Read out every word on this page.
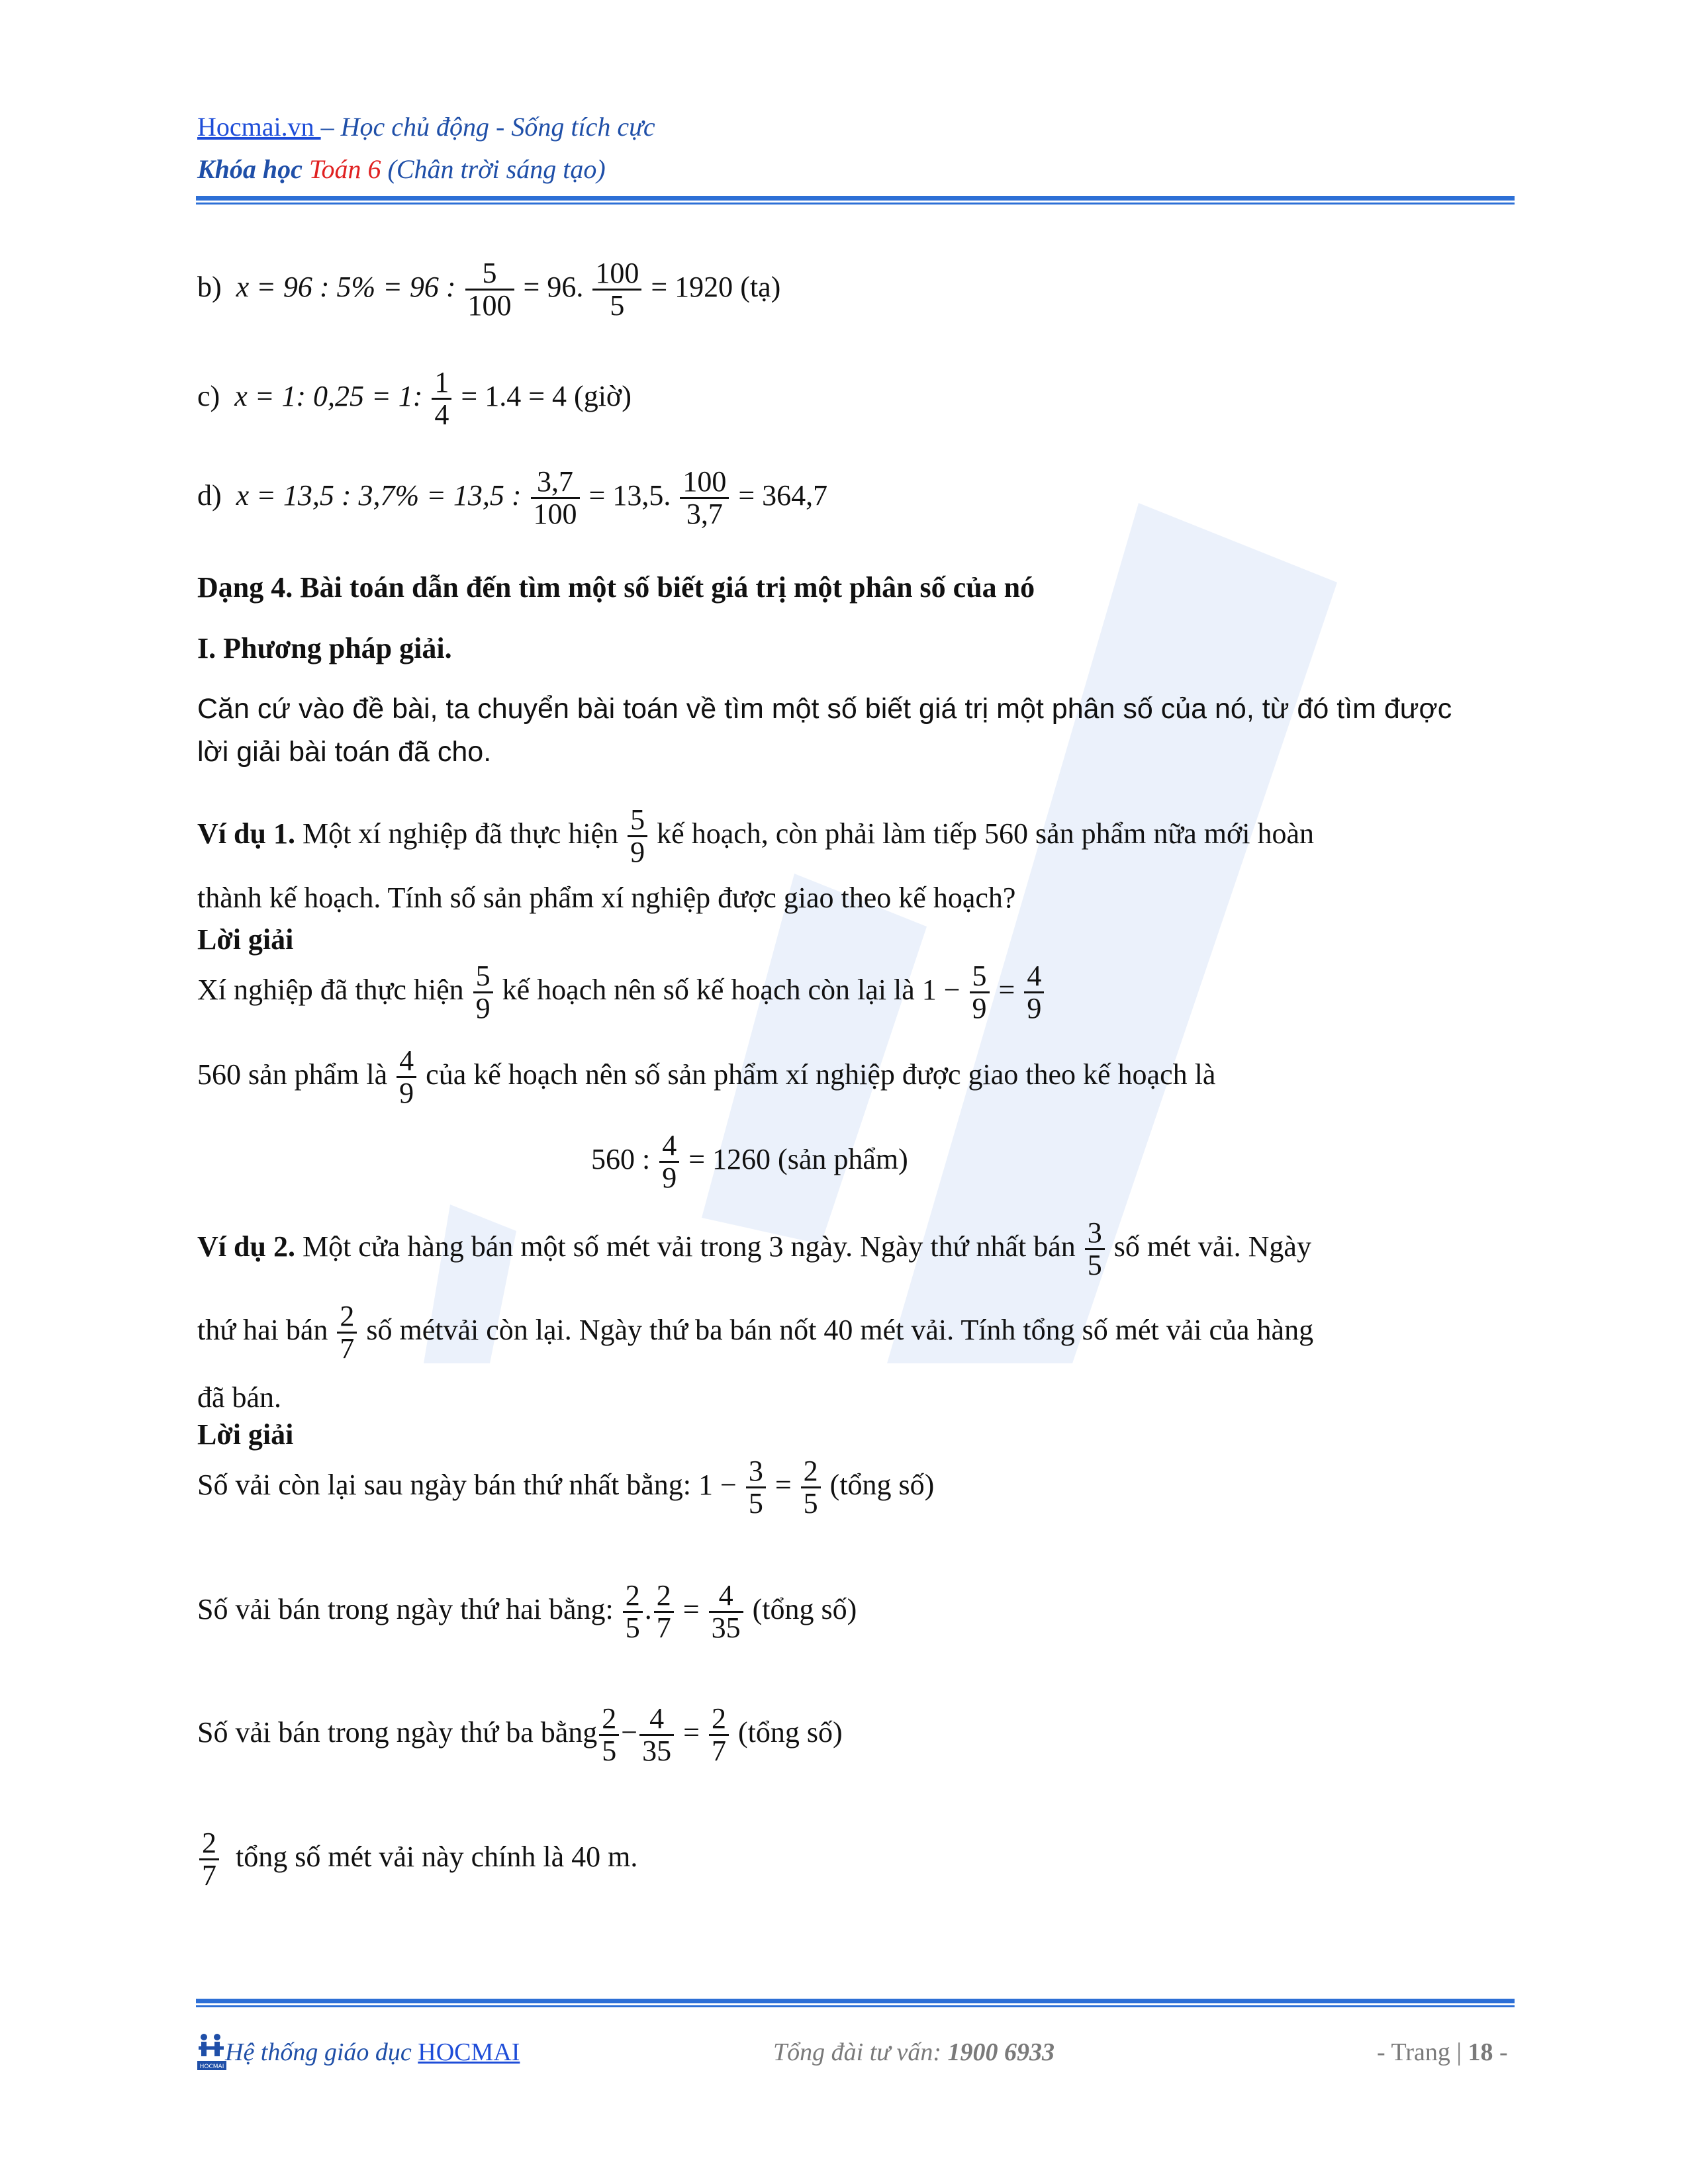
Hocmai.vn – Học chủ động - Sống tích cực
Khóa học Toán 6 (Chân trời sáng tạo)
b) x = 96 : 5% = 96 : $\frac{5}{100} = 96$. $\frac{100}{5} = 1920$ (tạ)
c) x = 1: 0,25 = 1: $\frac{1}{4} = 1.4 = 4$ (giờ)
d) x = 13,5 : 3,7% = 13,5 : $\frac{3,7}{100} = 13,5$. $\frac{100}{3,7} = 364,7$
Dạng 4. Bài toán dẫn đến tìm một số biết giá trị một phân số của nó
I. Phương pháp giải.
Căn cứ vào đề bài, ta chuyển bài toán về tìm một số biết giá trị một phân số của nó, từ đó tìm được
lời giải bài toán đã cho.
Ví dụ 1. Một xí nghiệp đã thực hiện $\frac{5}{9}$ kế hoạch, còn phải làm tiếp 560 sản phẩm nữa mới hoàn
thành kế hoạch. Tính số sản phẩm xí nghiệp được giao theo kế hoạch?
Lời giải
Xí nghiệp đã thực hiện $\frac{5}{9}$ kế hoạch nên số kế hoạch còn lại là $1 - \frac{5}{9} = \frac{4}{9}$
560 sản phẩm là $\frac{4}{9}$ của kế hoạch nên số sản phẩm xí nghiệp được giao theo kế hoạch là
560 : $\frac{4}{9} = 1260$ (sản phẩm)
Ví dụ 2. Một cửa hàng bán một số mét vải trong 3 ngày. Ngày thứ nhất bán $\frac{3}{5}$ số mét vải. Ngày
thứ hai bán $\frac{2}{7}$ số métvải còn lại. Ngày thứ ba bán nốt 40 mét vải. Tính tổng số mét vải của hàng
đã bán.
Lời giải
Số vải còn lại sau ngày bán thứ nhất bằng: $1 - \frac{3}{5} = \frac{2}{5}$ (tổng số)
Số vải bán trong ngày thứ hai bằng: $\frac{2}{5}$ . $\frac{2}{7} = \frac{4}{35}$ (tổng số)
Số vải bán trong ngày thứ ba bằng $\frac{2}{5} - \frac{4}{35} = \frac{2}{7}$ (tổng số)
$\frac{2}{7}$ tổng số mét vải này chính là 40 m.
HOCMAI
Hệ thống giáo dục HOCMAI	Tổng đài tư vấn: 1900 6933	- Trang | 18 -
